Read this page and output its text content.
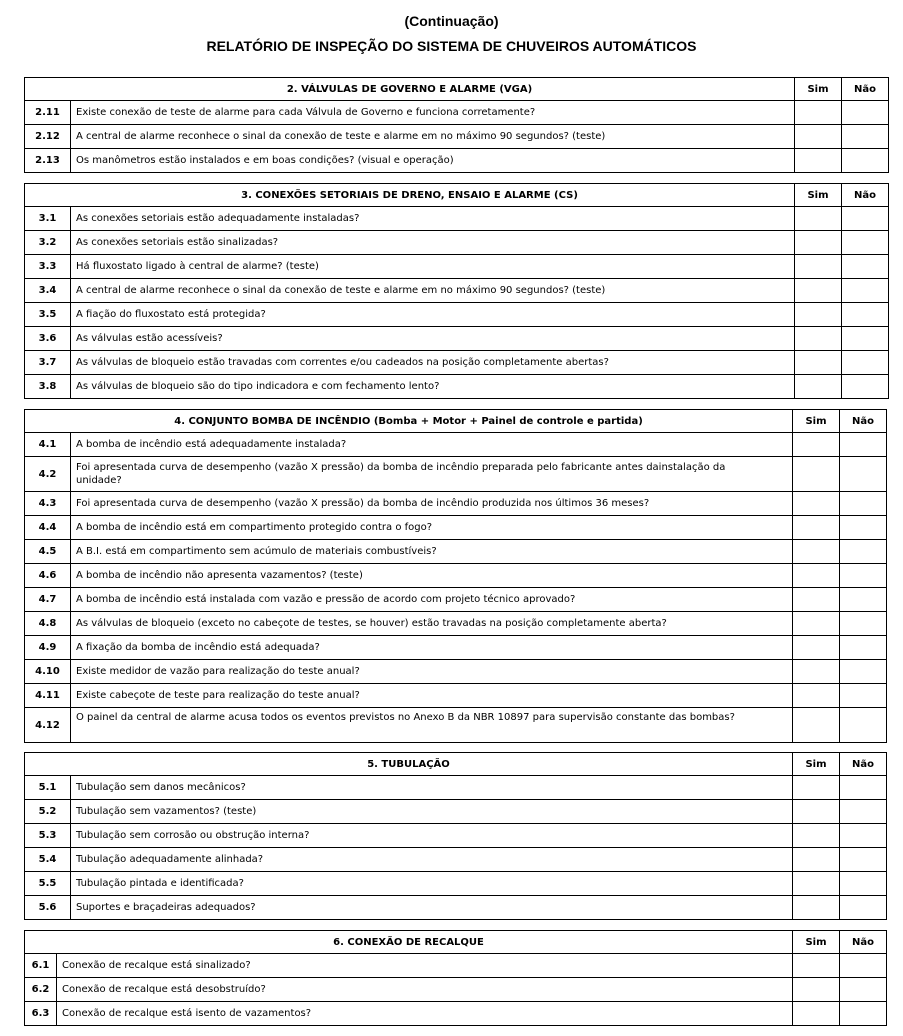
(Continuação)
RELATÓRIO DE INSPEÇÃO DO SISTEMA DE CHUVEIROS AUTOMÁTICOS
2. VÁLVULAS DE GOVERNO E ALARME (VGA)		Sim	Não
2.11	Existe conexão de teste de alarme para cada Válvula de Governo e funciona corretamente?		
2.12	A central de alarme reconhece o sinal da conexão de teste e alarme em no máximo 90 segundos? (teste)		
2.13	Os manômetros estão instalados e em boas condições? (visual e operação)		
3. CONEXÕES SETORIAIS DE DRENO, ENSAIO E ALARME (CS)		Sim	Não
3.1	As conexões setoriais estão adequadamente instaladas?		
3.2	As conexões setoriais estão sinalizadas?		
3.3	Há fluxostato ligado à central de alarme? (teste)		
3.4	A central de alarme reconhece o sinal da conexão de teste e alarme em no máximo 90 segundos? (teste)		
3.5	A fiação do fluxostato está protegida?		
3.6	As válvulas estão acessíveis?		
3.7	As válvulas de bloqueio estão travadas com correntes e/ou cadeados na posição completamente abertas?		
3.8	As válvulas de bloqueio são do tipo indicadora e com fechamento lento?		
4. CONJUNTO BOMBA DE INCÊNDIO (Bomba + Motor + Painel de controle e partida)		Sim	Não
4.1	A bomba de incêndio está adequadamente instalada?		
4.2	Foi apresentada curva de desempenho (vazão X pressão) da bomba de incêndio preparada pelo fabricante antes dainstalação da unidade?		
4.3	Foi apresentada curva de desempenho (vazão X pressão) da bomba de incêndio produzida nos últimos 36 meses?		
4.4	A bomba de incêndio está em compartimento protegido contra o fogo?		
4.5	A B.I. está em compartimento sem acúmulo de materiais combustíveis?		
4.6	A bomba de incêndio não apresenta vazamentos? (teste)		
4.7	A bomba de incêndio está instalada com vazão e pressão de acordo com projeto técnico aprovado?		
4.8	As válvulas de bloqueio (exceto no cabeçote de testes, se houver) estão travadas na posição completamente aberta?		
4.9	A fixação da bomba de incêndio está adequada?		
4.10	Existe medidor de vazão para realização do teste anual?		
4.11	Existe cabeçote de teste para realização do teste anual?		
4.12	O painel da central de alarme acusa todos os eventos previstos no Anexo B da NBR 10897 para supervisão constante das bombas?		
5. TUBULAÇÃO		Sim	Não
5.1	Tubulação sem danos mecânicos?		
5.2	Tubulação sem vazamentos? (teste)		
5.3	Tubulação sem corrosão ou obstrução interna?		
5.4	Tubulação adequadamente alinhada?		
5.5	Tubulação pintada e identificada?		
5.6	Suportes e braçadeiras adequados?		
6. CONEXÃO DE RECALQUE		Sim	Não
6.1	Conexão de recalque está sinalizado?		
6.2	Conexão de recalque está desobstruído?		
6.3	Conexão de recalque está isento de vazamentos?		
